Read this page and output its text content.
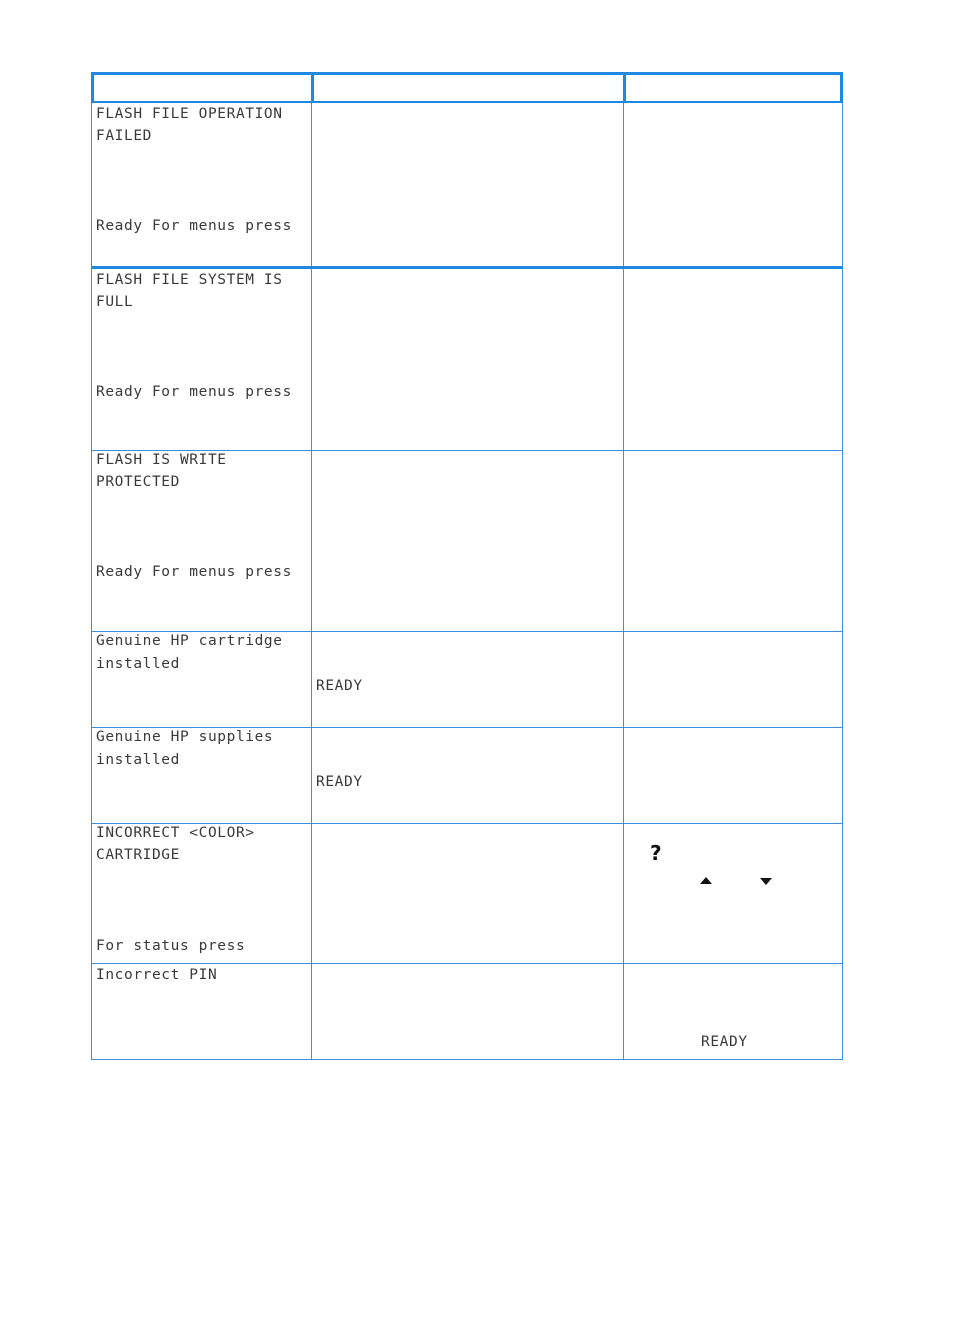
FLASH FILE OPERATION
FAILED
Ready For menus press
FLASH FILE SYSTEM IS
FULL
Ready For menus press
FLASH IS WRITE
PROTECTED
Ready For menus press
Genuine HP cartridge
installed
READY
Genuine HP supplies
installed
READY
INCORRECT <COLOR>
CARTRIDGE
For status press
?
Incorrect PIN
READY
